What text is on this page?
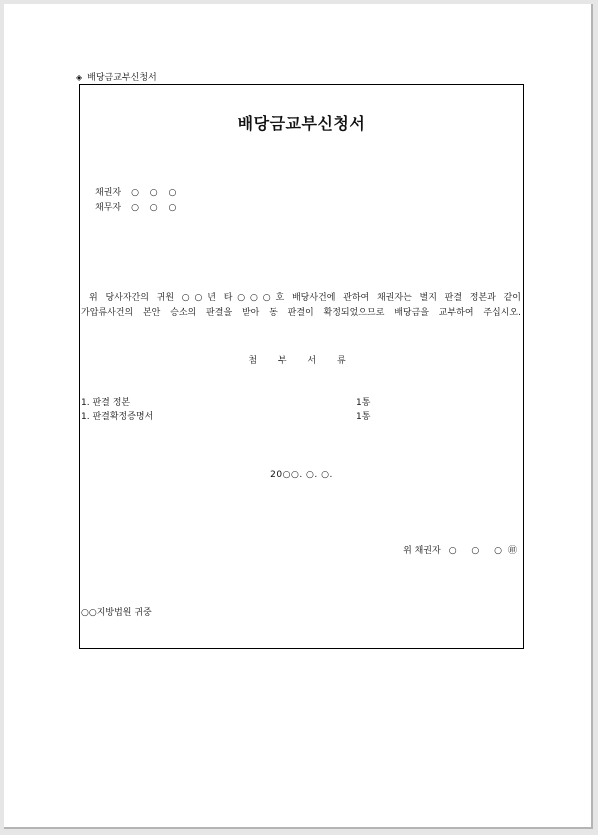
◈ 배당금교부신청서
배당금교부신청서
채권자 ○ ○ ○
채무자 ○ ○ ○
위 당사자간의 귀원 ○○년 타○○○호 배당사건에 관하여 채권자는 별지 판결 정본과 같이
가압류사건의 본안 승소의 판결을 받아 동 판결이 확정되었으므로 배당금을 교부하여 주십시오.
첨 부 서 류
1. 판결 정본	1통
1. 판결확정증명서	1통
20○○. ○. ○.
위 채권자 ○ ○ ○㊞
○○지방법원 귀중
